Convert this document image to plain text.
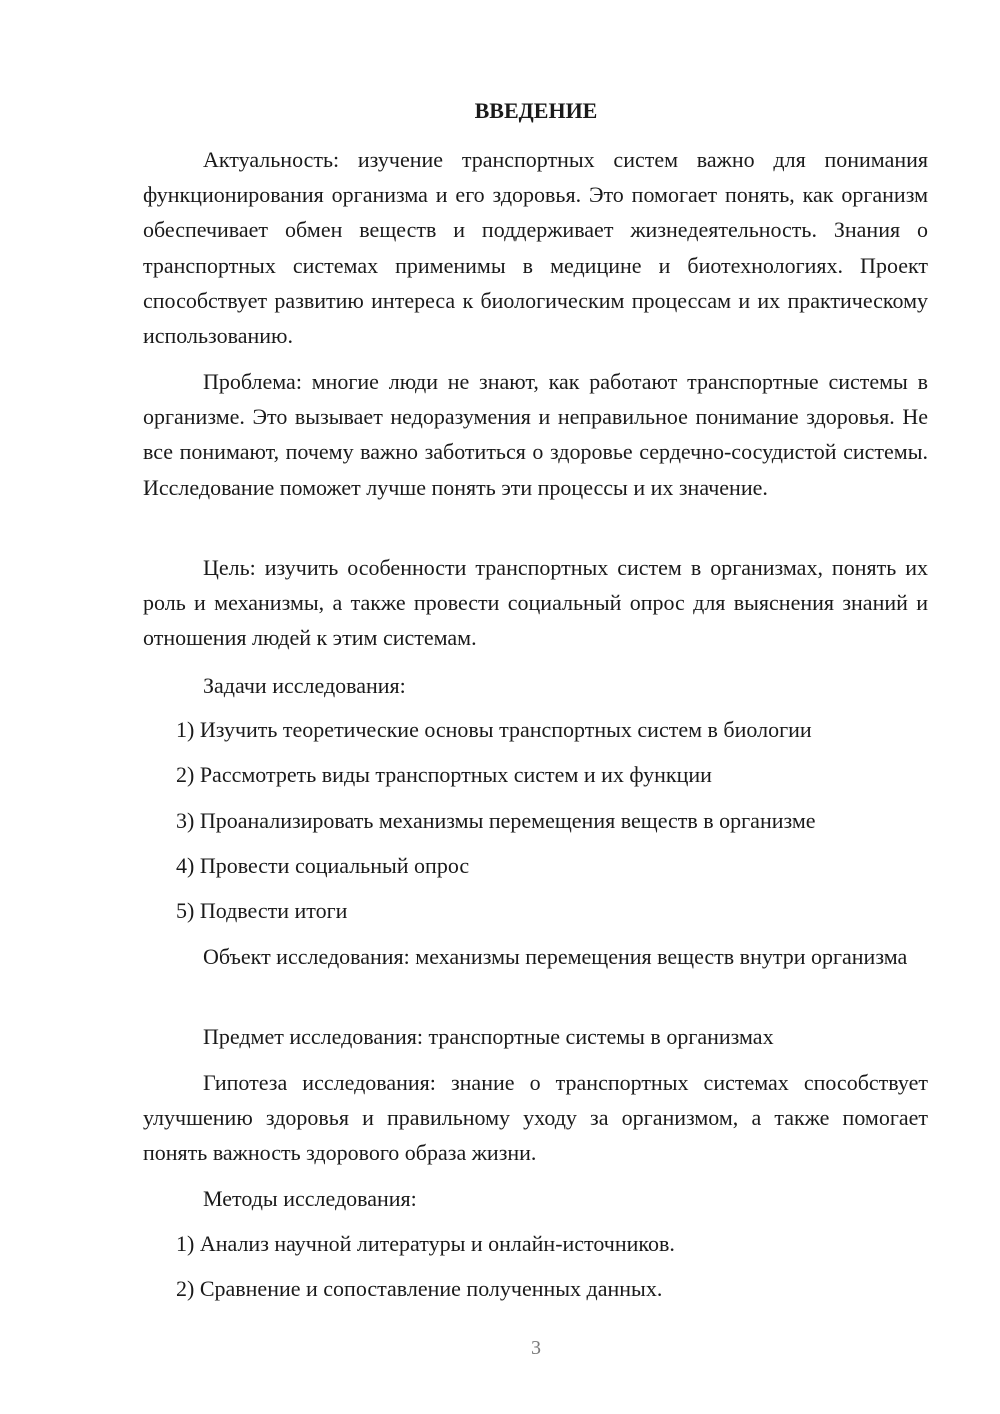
ВВЕДЕНИЕ

Актуальность: изучение транспортных систем важно для понимания функционирования организма и его здоровья. Это помогает понять, как организм обеспечивает обмен веществ и поддерживает жизнедеятельность. Знания о транспортных системах применимы в медицине и биотехнологиях. Проект способствует развитию интереса к биологическим процессам и их практическому использованию.

Проблема: многие люди не знают, как работают транспортные системы в организме. Это вызывает недоразумения и неправильное понимание здоровья. Не все понимают, почему важно заботиться о здоровье сердечно-сосудистой системы. Исследование поможет лучше понять эти процессы и их значение.

Цель: изучить особенности транспортных систем в организмах, понять их роль и механизмы, а также провести социальный опрос для выяснения знаний и отношения людей к этим системам.

Задачи исследования:

1) Изучить теоретические основы транспортных систем в биологии

2) Рассмотреть виды транспортных систем и их функции

3) Проанализировать механизмы перемещения веществ в организме

4) Провести социальный опрос

5) Подвести итоги

Объект исследования: механизмы перемещения веществ внутри организма

Предмет исследования: транспортные системы в организмах

Гипотеза исследования: знание о транспортных системах способствует улучшению здоровья и правильному уходу за организмом, а также помогает понять важность здорового образа жизни.

Методы исследования:

1) Анализ научной литературы и онлайн-источников.

2) Сравнение и сопоставление полученных данных.

3
